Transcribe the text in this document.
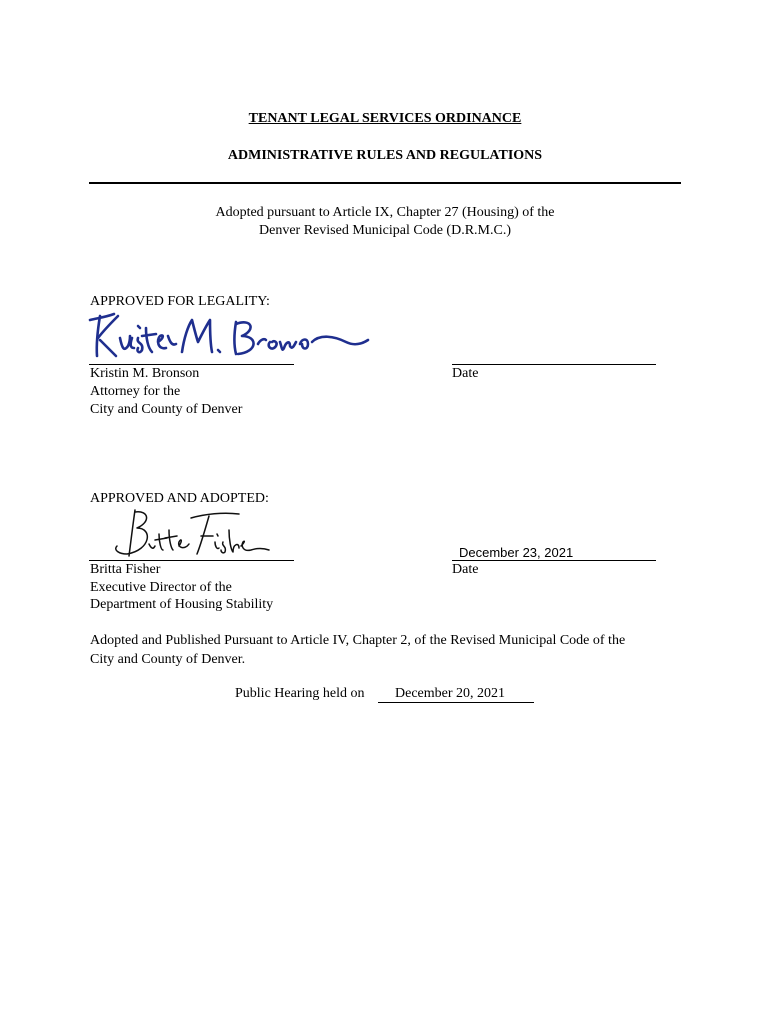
TENANT LEGAL SERVICES ORDINANCE
ADMINISTRATIVE RULES AND REGULATIONS
Adopted pursuant to Article IX, Chapter 27 (Housing) of the
Denver Revised Municipal Code (D.R.M.C.)
APPROVED FOR LEGALITY:
Kristin M. Bronson	Date
Attorney for the
City and County of Denver
APPROVED AND ADOPTED:
December 23, 2021
Britta Fisher	Date
Executive Director of the
Department of Housing Stability
Adopted and Published Pursuant to Article IV, Chapter 2, of the Revised Municipal Code of the
City and County of Denver.
Public Hearing held on December 20, 2021
